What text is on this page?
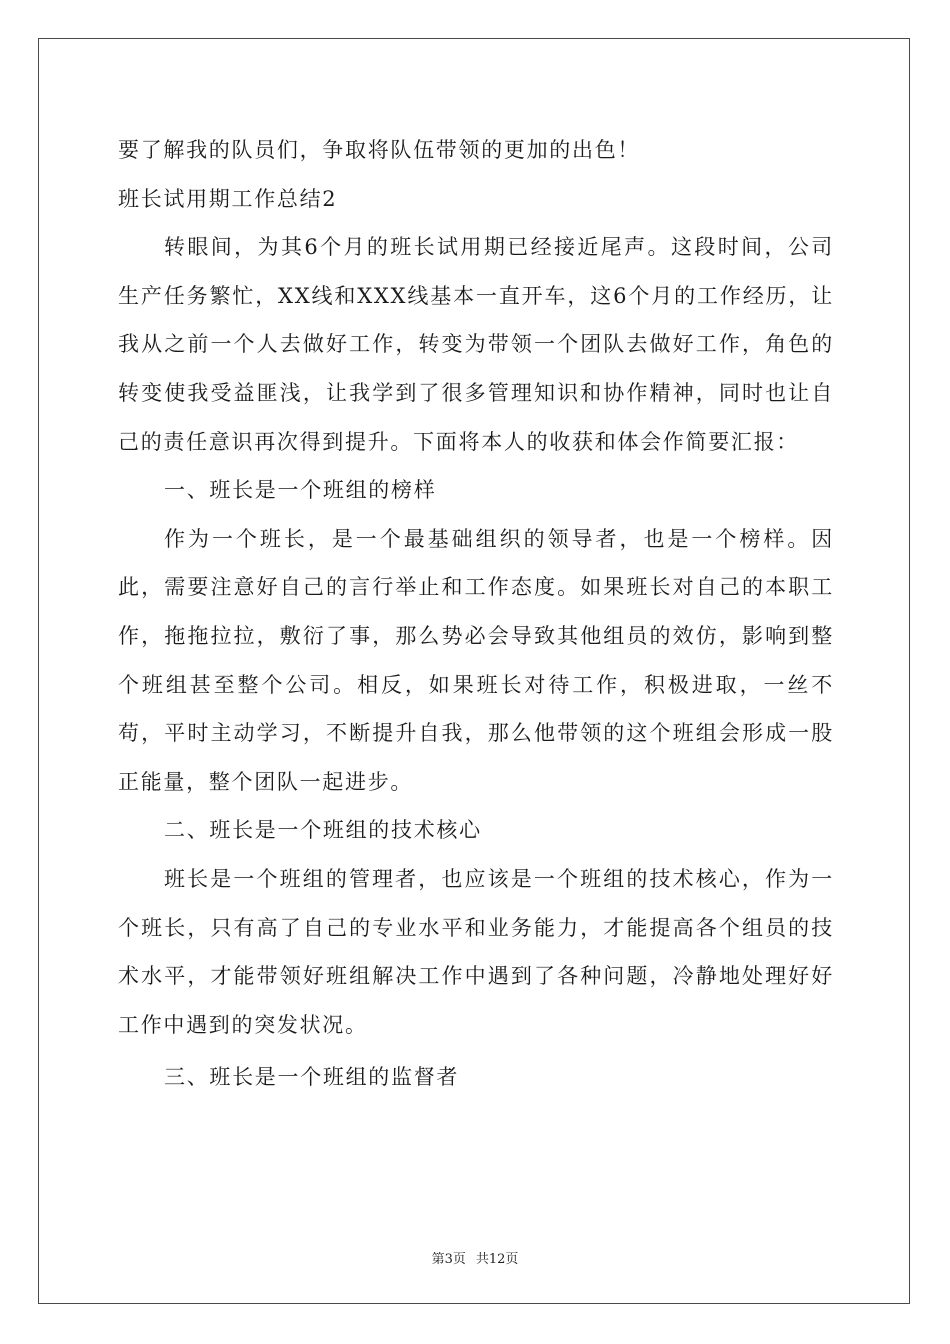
要了解我的队员们，争取将队伍带领的更加的出色！

班长试用期工作总结2

转眼间，为其6个月的班长试用期已经接近尾声。这段时间，公司生产任务繁忙，XX线和XXX线基本一直开车，这6个月的工作经历，让我从之前一个人去做好工作，转变为带领一个团队去做好工作，角色的转变使我受益匪浅，让我学到了很多管理知识和协作精神，同时也让自己的责任意识再次得到提升。下面将本人的收获和体会作简要汇报：

一、班长是一个班组的榜样

作为一个班长，是一个最基础组织的领导者，也是一个榜样。因此，需要注意好自己的言行举止和工作态度。如果班长对自己的本职工作，拖拖拉拉，敷衍了事，那么势必会导致其他组员的效仿，影响到整个班组甚至整个公司。相反，如果班长对待工作，积极进取，一丝不苟，平时主动学习，不断提升自我，那么他带领的这个班组会形成一股正能量，整个团队一起进步。

二、班长是一个班组的技术核心

班长是一个班组的管理者，也应该是一个班组的技术核心，作为一个班长，只有高了自己的专业水平和业务能力，才能提高各个组员的技术水平，才能带领好班组解决工作中遇到了各种问题，冷静地处理好好工作中遇到的突发状况。

三、班长是一个班组的监督者

第3页 共12页
